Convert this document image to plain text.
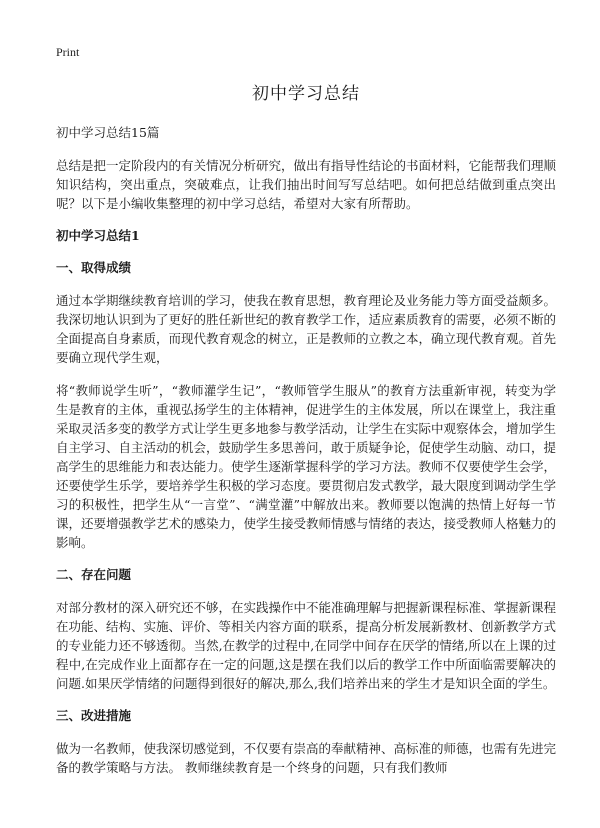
Print
初中学习总结
初中学习总结15篇

总结是把一定阶段内的有关情况分析研究，做出有指导性结论的书面材料，它能帮我们理顺知识结构，突出重点，突破难点，让我们抽出时间写写总结吧。如何把总结做到重点突出呢？以下是小编收集整理的初中学习总结，希望对大家有所帮助。

初中学习总结1
一、取得成绩

通过本学期继续教育培训的学习，使我在教育思想，教育理论及业务能力等方面受益颇多。我深切地认识到为了更好的胜任新世纪的教育教学工作，适应素质教育的需要，必须不断的全面提高自身素质，而现代教育观念的树立，正是教师的立教之本，确立现代教育观。首先要确立现代学生观，

将“教师说学生听”，“教师灌学生记”，“教师管学生服从”的教育方法重新审视，转变为学生是教育的主体，重视弘扬学生的主体精神，促进学生的主体发展，所以在课堂上，我注重采取灵活多变的教学方式让学生更多地参与教学活动，让学生在实际中观察体会，增加学生自主学习、自主活动的机会，鼓励学生多思善问，敢于质疑争论，促使学生动脑、动口，提高学生的思维能力和表达能力。使学生逐渐掌握科学的学习方法。教师不仅要使学生会学，还要使学生乐学，要培养学生积极的学习态度。要贯彻启发式教学，最大限度到调动学生学习的积极性，把学生从“一言堂”、“满堂灌”中解放出来。教师要以饱满的热情上好每一节课，还要增强教学艺术的感染力，使学生接受教师情感与情绪的表达，接受教师人格魅力的影响。

二、存在问题

对部分教材的深入研究还不够，在实践操作中不能准确理解与把握新课程标准、掌握新课程在功能、结构、实施、评价、等相关内容方面的联系，提高分析发展新教材、创新教学方式的专业能力还不够透彻。当然,在教学的过程中,在同学中间存在厌学的情绪,所以在上课的过程中,在完成作业上面都存在一定的问题,这是摆在我们以后的教学工作中所面临需要解决的问题.如果厌学情绪的问题得到很好的解决,那么,我们培养出来的学生才是知识全面的学生。

三、改进措施

做为一名教师，使我深切感觉到，不仅要有崇高的奉献精神、高标准的师德，也需有先进完备的教学策略与方法。 教师继续教育是一个终身的问题，只有我们教师
